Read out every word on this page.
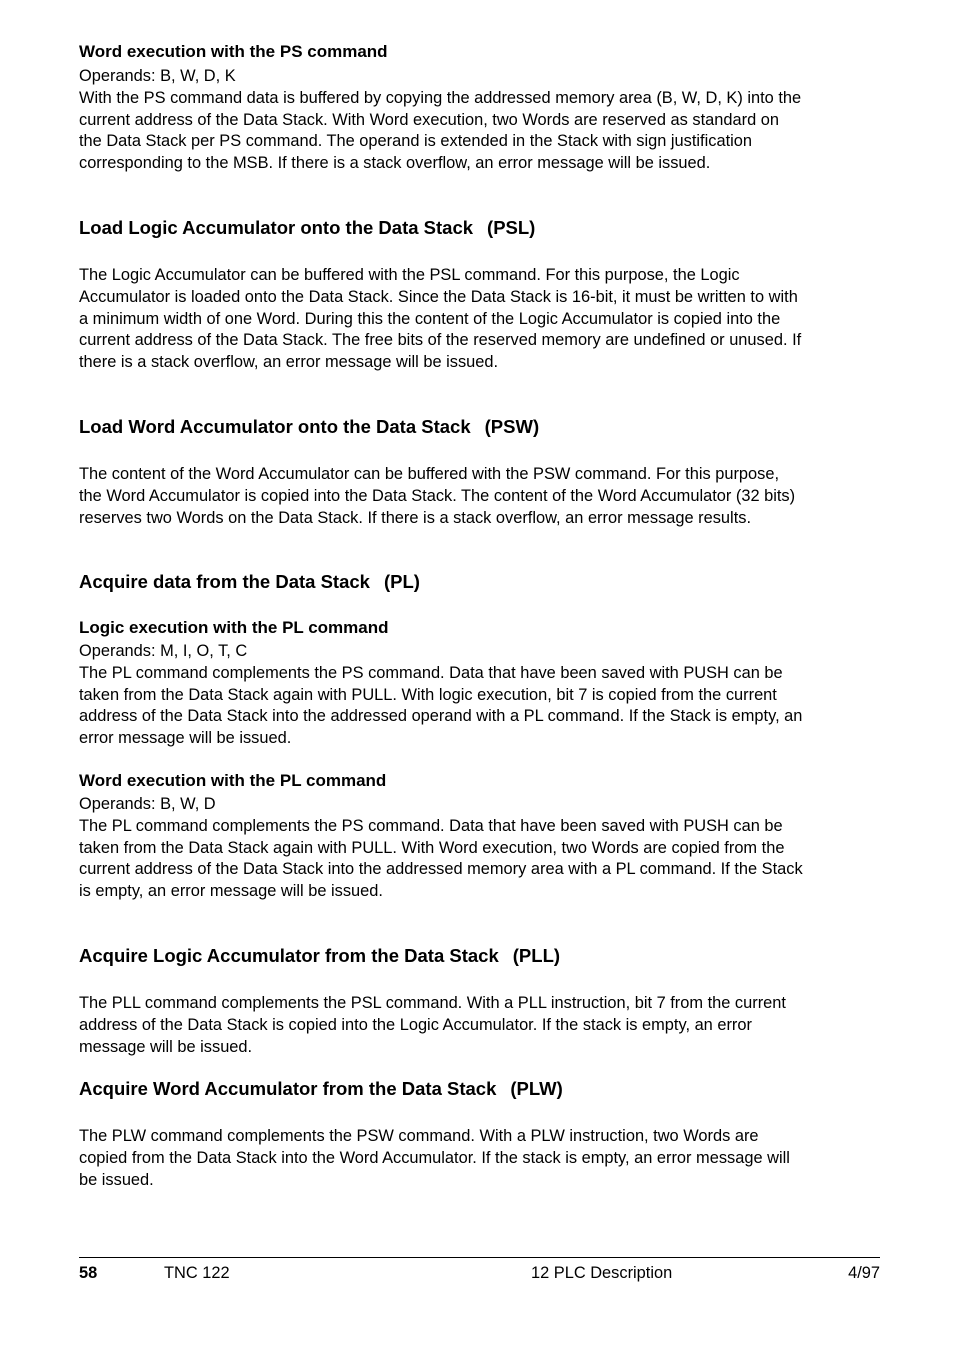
Word execution with the PS command
Operands: B, W, D, K
With the PS command data is buffered by copying the addressed memory area (B, W, D, K) into the
current address of the Data Stack. With Word execution, two Words are reserved as standard on
the Data Stack per PS command. The operand is extended in the Stack with sign justification
corresponding to the MSB. If there is a stack overflow, an error message will be issued.
Load Logic Accumulator onto the Data Stack (PSL)
The Logic Accumulator can be buffered with the PSL command. For this purpose, the Logic
Accumulator is loaded onto the Data Stack. Since the Data Stack is 16-bit, it must be written to with
a minimum width of one Word. During this the content of the Logic Accumulator is copied into the
current address of the Data Stack. The free bits of the reserved memory are undefined or unused. If
there is a stack overflow, an error message will be issued.
Load Word Accumulator onto the Data Stack (PSW)
The content of the Word Accumulator can be buffered with the PSW command. For this purpose,
the Word Accumulator is copied into the Data Stack. The content of the Word Accumulator (32 bits)
reserves two Words on the Data Stack. If there is a stack overflow, an error message results.
Acquire data from the Data Stack (PL)
Logic execution with the PL command
Operands: M, I, O, T, C
The PL command complements the PS command. Data that have been saved with PUSH can be
taken from the Data Stack again with PULL. With logic execution, bit 7 is copied from the current
address of the Data Stack into the addressed operand with a PL command. If the Stack is empty, an
error message will be issued.
Word execution with the PL command
Operands: B, W, D
The PL command complements the PS command. Data that have been saved with PUSH can be
taken from the Data Stack again with PULL. With Word execution, two Words are copied from the
current address of the Data Stack into the addressed memory area with a PL command. If the Stack
is empty, an error message will be issued.
Acquire Logic Accumulator from the Data Stack (PLL)
The PLL command complements the PSL command. With a PLL instruction, bit 7 from the current
address of the Data Stack is copied into the Logic Accumulator. If the stack is empty, an error
message will be issued.
Acquire Word Accumulator from the Data Stack (PLW)
The PLW command complements the PSW command. With a PLW instruction, two Words are
copied from the Data Stack into the Word Accumulator. If the stack is empty, an error message will
be issued.
58	TNC 122	12 PLC Description	4/97
